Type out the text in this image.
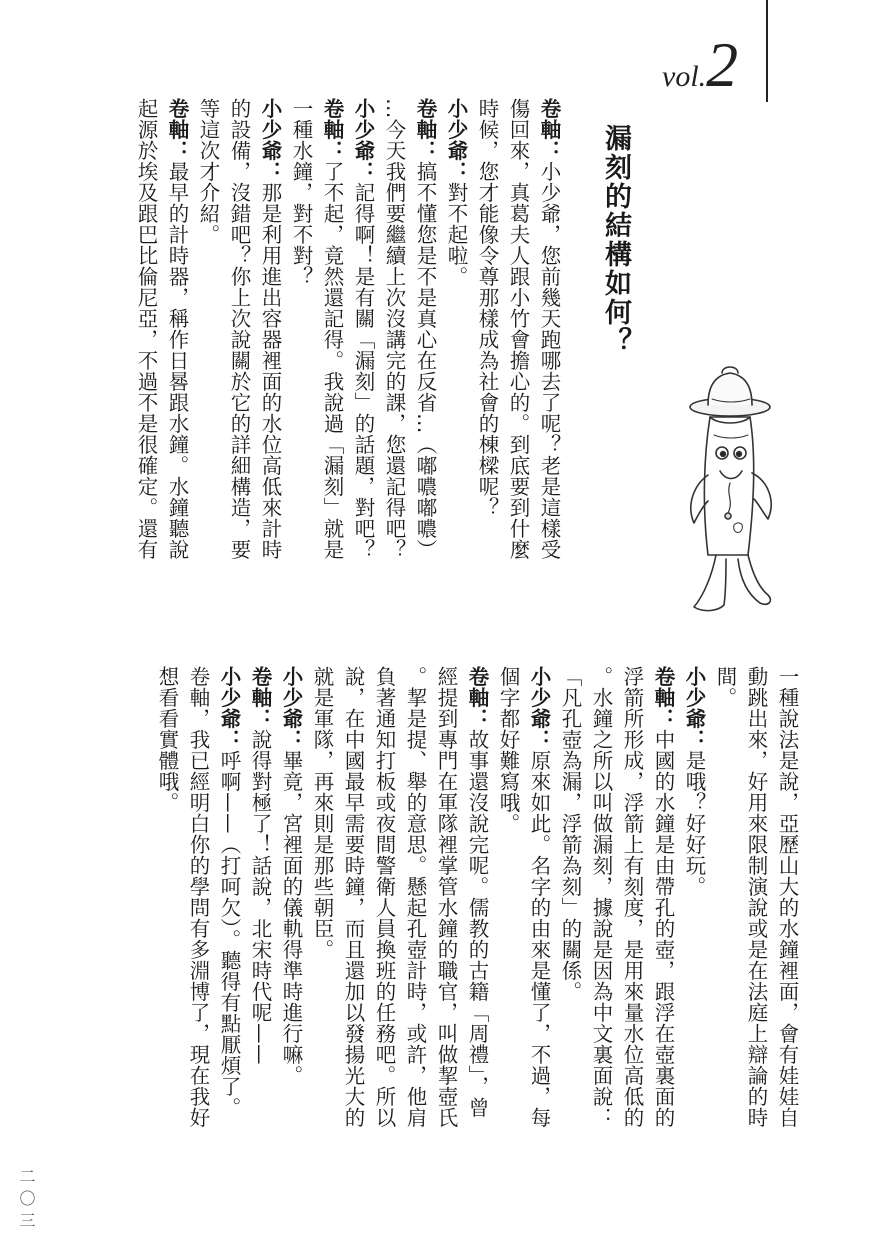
vol.2
漏刻的結構如何？

卷軸：小少爺，您前幾天跑哪去了呢？老是這樣受

傷回來，真葛夫人跟小竹會擔心的。到底要到什麼

時候，您才能像令尊那樣成為社會的棟樑呢？

小少爺：對不起啦。

卷軸：搞不懂您是不是真心在反省…（嘟噥嘟噥）

…今天我們要繼續上次沒講完的課，您還記得吧？

小少爺：記得啊！是有關「漏刻」的話題，對吧？

卷軸：了不起，竟然還記得。我說過「漏刻」就是

一種水鐘，對不對？

小少爺：那是利用進出容器裡面的水位高低來計時

的設備，沒錯吧？你上次說關於它的詳細構造，要

等這次才介紹。

卷軸：最早的計時器，稱作日晷跟水鐘。水鐘聽說

起源於埃及跟巴比倫尼亞，不過不是很確定。還有

一種說法是說，亞歷山大的水鐘裡面，會有娃娃自

動跳出來，好用來限制演說或是在法庭上辯論的時

間。

小少爺：是哦？好好玩。

卷軸：中國的水鐘是由帶孔的壺，跟浮在壺裏面的

浮箭所形成，浮箭上有刻度，是用來量水位高低的

。水鐘之所以叫做漏刻，據說是因為中文裏面說：

「凡孔壺為漏，浮箭為刻」的關係。

小少爺：原來如此。名字的由來是懂了，不過，每

個字都好難寫哦。

卷軸：故事還沒說完呢。儒教的古籍「周禮」，曾

經提到專門在軍隊裡掌管水鐘的職官，叫做挈壺氏

。挈是提、舉的意思。懸起孔壺計時，或許，他肩

負著通知打板或夜間警衛人員換班的任務吧。所以

說，在中國最早需要時鐘，而且還加以發揚光大的

就是軍隊，再來則是那些朝臣。

小少爺：畢竟，宮裡面的儀軌得準時進行嘛。

卷軸：說得對極了！話說，北宋時代呢——

小少爺：呼啊——（打呵欠）。聽得有點厭煩了。

卷軸，我已經明白你的學問有多淵博了，現在我好

想看看實體哦。

二〇三
